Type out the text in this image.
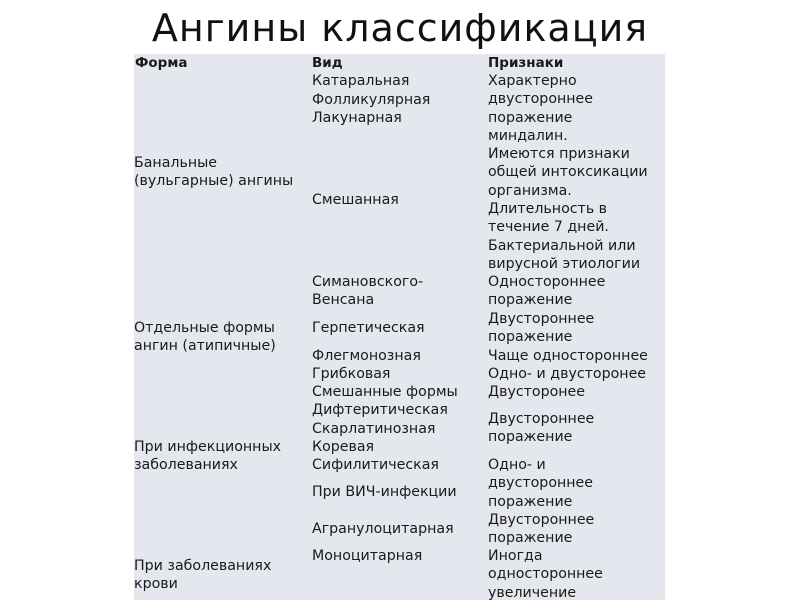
Ангины классификация
Форма	Вид	Признаки
Банальные
(вульгарные) ангины
Отдельные формы
ангин (атипичные)
При инфекционных
заболеваниях
При заболеваниях
крови
Катаральная
Фолликулярная
Лакунарная
Смешанная
Симановского-
Венсана
Герпетическая
Флегмонозная
Грибковая
Смешанные формы
Дифтеритическая
Скарлатинозная
Коревая
Сифилитическая
При ВИЧ-инфекции
Агранулоцитарная
Моноцитарная
Характерно
двустороннее
поражение
миндалин.
Имеются признаки
общей интоксикации
организма.
Длительность в
течение 7 дней.
Бактериальной или
вирусной этиологии
Одностороннее
поражение
Двустороннее
поражение
Чаще одностороннее
Одно- и двусторонее
Двусторонее
Двустороннее
поражение
Одно- и
двустороннее
поражение
Двустороннее
поражение
Иногда
одностороннее
увеличение
